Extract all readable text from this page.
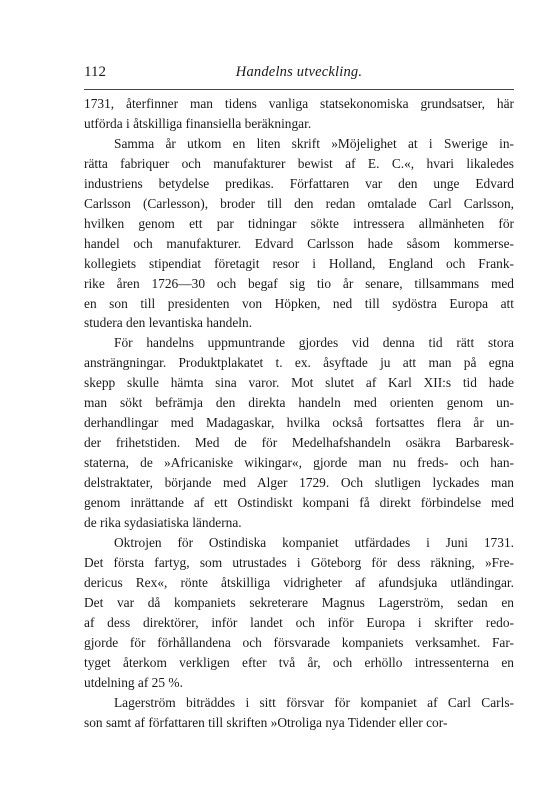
112	Handelns utveckling.
1731, återfinner man tidens vanliga statsekonomiska grundsatser, här
utförda i åtskilliga finansiella beräkningar.
Samma år utkom en liten skrift »Möjelighet at i Swerige in-
rätta fabriquer och manufakturer bewist af E. C.«, hvari likaledes
industriens betydelse predikas. Författaren var den unge Edvard
Carlsson (Carlesson), broder till den redan omtalade Carl Carlsson,
hvilken genom ett par tidningar sökte intressera allmänheten för
handel och manufakturer. Edvard Carlsson hade såsom kommerse-
kollegiets stipendiat företagit resor i Holland, England och Frank-
rike åren 1726—30 och begaf sig tio år senare, tillsammans med
en son till presidenten von Höpken, ned till sydöstra Europa att
studera den levantiska handeln.
För handelns uppmuntrande gjordes vid denna tid rätt stora
ansträngningar. Produktplakatet t. ex. åsyftade ju att man på egna
skepp skulle hämta sina varor. Mot slutet af Karl XII:s tid hade
man sökt befrämja den direkta handeln med orienten genom un-
derhandlingar med Madagaskar, hvilka också fortsattes flera år un-
der frihetstiden. Med de för Medelhafshandeln osäkra Barbaresk-
staterna, de »Africaniske wikingar«, gjorde man nu freds- och han-
delstraktater, börjande med Alger 1729. Och slutligen lyckades man
genom inrättande af ett Ostindiskt kompani få direkt förbindelse med
de rika sydasiatiska länderna.
Oktrojen för Ostindiska kompaniet utfärdades i Juni 1731.
Det första fartyg, som utrustades i Göteborg för dess räkning, »Fre-
dericus Rex«, rönte åtskilliga vidrigheter af afundsjuka utländingar.
Det var då kompaniets sekreterare Magnus Lagerström, sedan en
af dess direktörer, inför landet och inför Europa i skrifter redo-
gjorde för förhållandena och försvarade kompaniets verksamhet. Far-
tyget återkom verkligen efter två år, och erhöllo intressenterna en
utdelning af 25 %.
Lagerström biträddes i sitt försvar för kompaniet af Carl Carls-
son samt af författaren till skriften »Otroliga nya Tidender eller cor-
